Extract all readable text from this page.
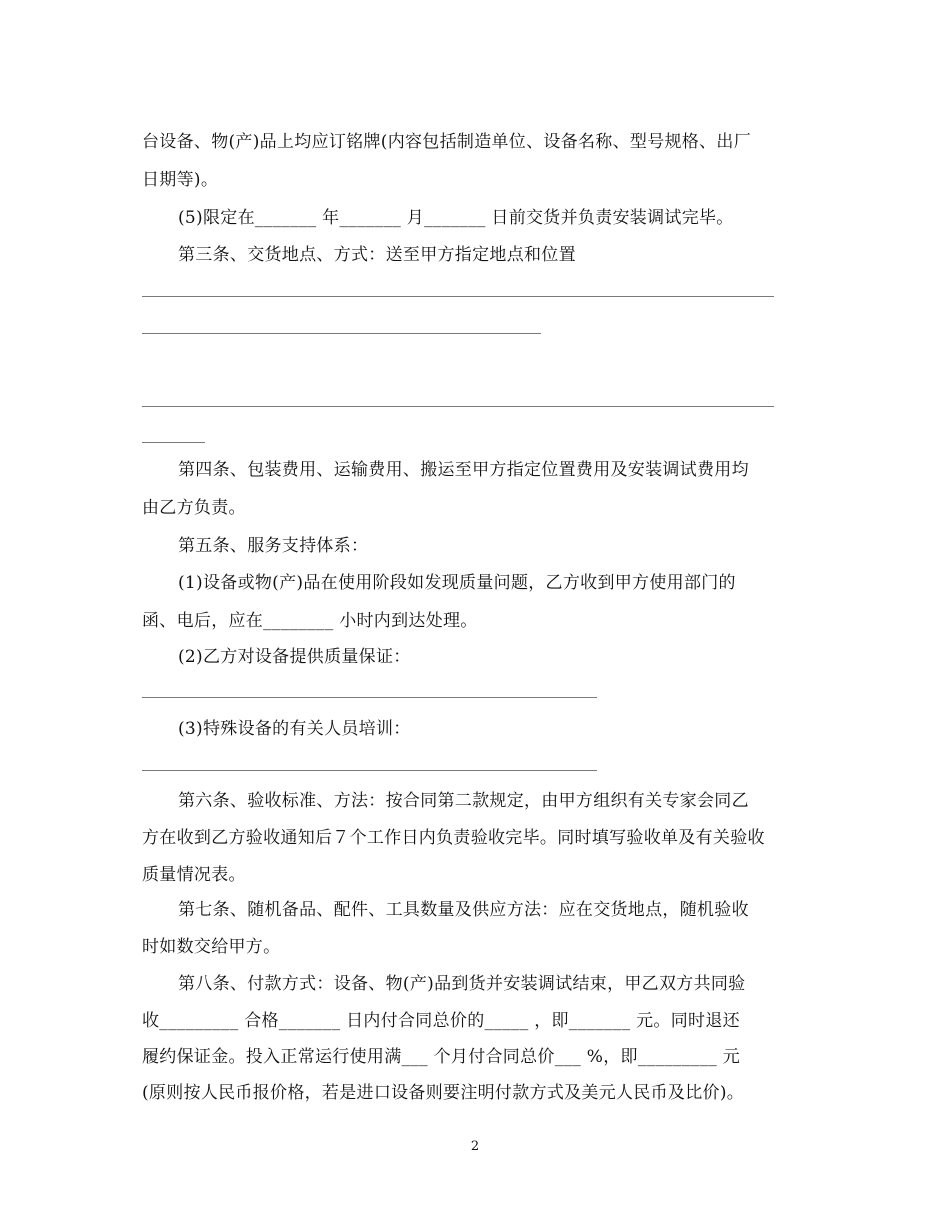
台设备、物(产)品上均应订铭牌(内容包括制造单位、设备名称、型号规格、出厂
日期等)。
(5)限定在_______ 年_______ 月_______ 日前交货并负责安装调试完毕。
第三条、交货地点、方式：送至甲方指定地点和位置
第四条、包装费用、运输费用、搬运至甲方指定位置费用及安装调试费用均
由乙方负责。
第五条、服务支持体系：
(1)设备或物(产)品在使用阶段如发现质量问题，乙方收到甲方使用部门的
函、电后，应在________ 小时内到达处理。
(2)乙方对设备提供质量保证：
(3)特殊设备的有关人员培训：
第六条、验收标准、方法：按合同第二款规定，由甲方组织有关专家会同乙
方在收到乙方验收通知后７个工作日内负责验收完毕。同时填写验收单及有关验收
质量情况表。
第七条、随机备品、配件、工具数量及供应方法：应在交货地点，随机验收
时如数交给甲方。
第八条、付款方式：设备、物(产)品到货并安装调试结束，甲乙双方共同验
收_________ 合格_______ 日内付合同总价的_____ ，即_______ 元。同时退还
履约保证金。投入正常运行使用满___ 个月付合同总价___ %，即_________ 元
(原则按人民币报价格，若是进口设备则要注明付款方式及美元人民币及比价)。
2
